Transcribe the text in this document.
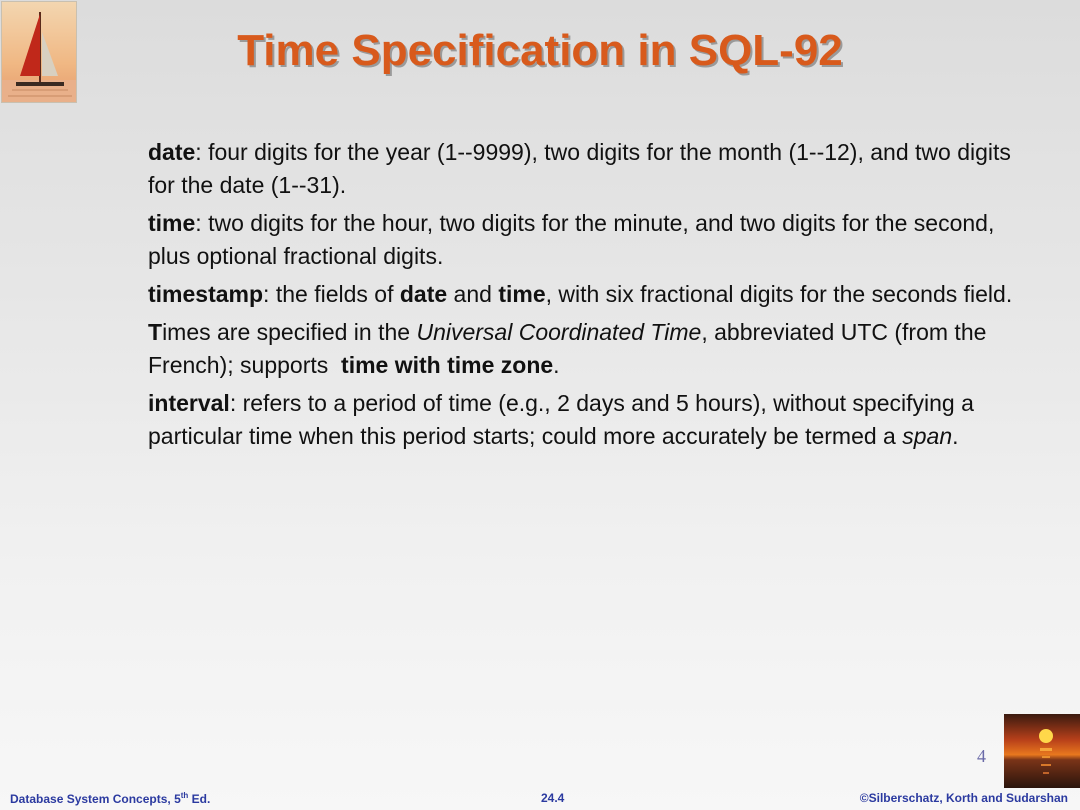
Time Specification in SQL-92

date: four digits for the year (1--9999), two digits for the month (1--12), and two digits for the date (1--31).

time: two digits for the hour, two digits for the minute, and two digits for the second, plus optional fractional digits.

timestamp: the fields of date and time, with six fractional digits for the seconds field.

Times are specified in the Universal Coordinated Time, abbreviated UTC (from the French); supports  time with time zone.

interval: refers to a period of time (e.g., 2 days and 5 hours), without specifying a particular time when this period starts; could more accurately be termed a span.

4
Database System Concepts, 5th Ed.	24.4	©Silberschatz, Korth and Sudarshan
